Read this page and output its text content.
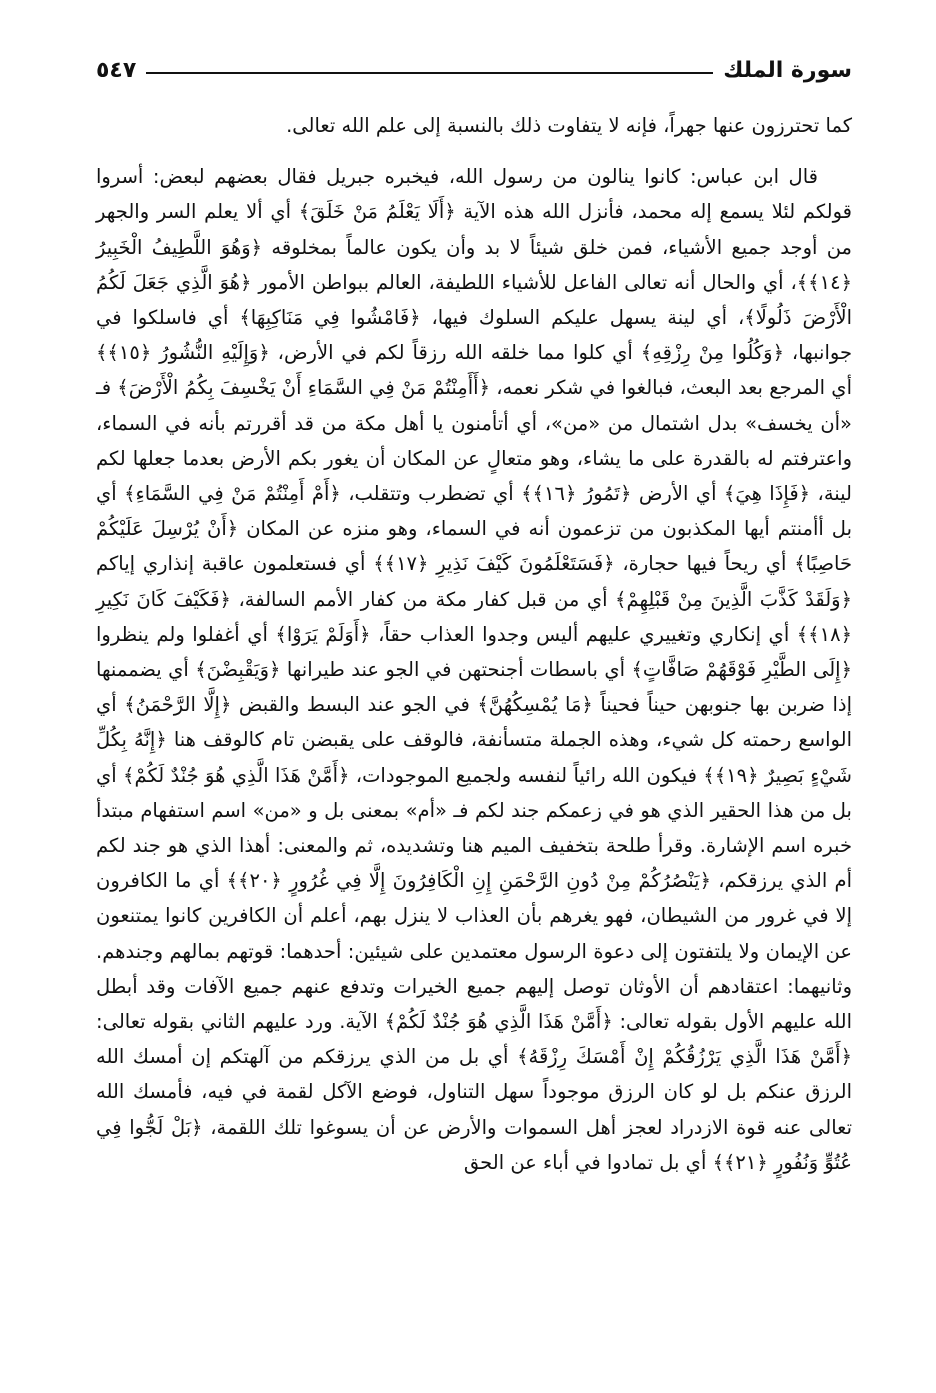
سورة الملك
٥٤٧

كما تحترزون عنها جهراً، فإنه لا يتفاوت ذلك بالنسبة إلى علم الله تعالى.

قال ابن عباس: كانوا ينالون من رسول الله، فيخبره جبريل فقال بعضهم لبعض: أسروا قولكم لئلا يسمع إله محمد، فأنزل الله هذه الآية ﴿أَلَا يَعْلَمُ مَنْ خَلَقَ﴾ أي ألا يعلم السر والجهر من أوجد جميع الأشياء، فمن خلق شيئاً لا بد وأن يكون عالماً بمخلوقه ﴿وَهُوَ اللَّطِيفُ الْخَبِيرُ ﴿١٤﴾﴾، أي والحال أنه تعالى الفاعل للأشياء اللطيفة، العالم ببواطن الأمور ﴿هُوَ الَّذِي جَعَلَ لَكُمُ الْأَرْضَ ذَلُولًا﴾، أي لينة يسهل عليكم السلوك فيها، ﴿فَامْشُوا فِي مَنَاكِبِهَا﴾ أي فاسلكوا في جوانبها، ﴿وَكُلُوا مِنْ رِزْقِهِ﴾ أي كلوا مما خلقه الله رزقاً لكم في الأرض، ﴿وَإِلَيْهِ النُّشُورُ ﴿١٥﴾﴾ أي المرجع بعد البعث، فبالغوا في شكر نعمه، ﴿أَأَمِنْتُمْ مَنْ فِي السَّمَاءِ أَنْ يَخْسِفَ بِكُمُ الْأَرْضَ﴾ فـ «أن يخسف» بدل اشتمال من «من»، أي أتأمنون يا أهل مكة من قد أقررتم بأنه في السماء، واعترفتم له بالقدرة على ما يشاء، وهو متعالٍ عن المكان أن يغور بكم الأرض بعدما جعلها لكم لينة، ﴿فَإِذَا هِيَ﴾ أي الأرض ﴿تَمُورُ ﴿١٦﴾﴾ أي تضطرب وتتقلب، ﴿أَمْ أَمِنْتُمْ مَنْ فِي السَّمَاءِ﴾ أي بل أأمنتم أيها المكذبون من تزعمون أنه في السماء، وهو منزه عن المكان ﴿أَنْ يُرْسِلَ عَلَيْكُمْ حَاصِبًا﴾ أي ريحاً فيها حجارة، ﴿فَسَتَعْلَمُونَ كَيْفَ نَذِيرِ ﴿١٧﴾﴾ أي فستعلمون عاقبة إنذاري إياكم ﴿وَلَقَدْ كَذَّبَ الَّذِينَ مِنْ قَبْلِهِمْ﴾ أي من قبل كفار مكة من كفار الأمم السالفة، ﴿فَكَيْفَ كَانَ نَكِيرِ ﴿١٨﴾﴾ أي إنكاري وتغييري عليهم أليس وجدوا العذاب حقاً، ﴿أَوَلَمْ يَرَوْا﴾ أي أغفلوا ولم ينظروا ﴿إِلَى الطَّيْرِ فَوْقَهُمْ صَافَّاتٍ﴾ أي باسطات أجنحتهن في الجو عند طيرانها ﴿وَيَقْبِضْنَ﴾ أي يضممنها إذا ضربن بها جنوبهن حيناً فحيناً ﴿مَا يُمْسِكُهُنَّ﴾ في الجو عند البسط والقبض ﴿إِلَّا الرَّحْمَنُ﴾ أي الواسع رحمته كل شيء، وهذه الجملة متسأنفة، فالوقف على يقبضن تام كالوقف هنا ﴿إِنَّهُ بِكُلِّ شَيْءٍ بَصِيرٌ ﴿١٩﴾﴾ فيكون الله رائياً لنفسه ولجميع الموجودات، ﴿أَمَّنْ هَذَا الَّذِي هُوَ جُنْدٌ لَكُمْ﴾ أي بل من هذا الحقير الذي هو في زعمكم جند لكم فـ «أم» بمعنى بل و «من» اسم استفهام مبتدأ خبره اسم الإشارة. وقرأ طلحة بتخفيف الميم هنا وتشديده، ثم والمعنى: أهذا الذي هو جند لكم أم الذي يرزقكم، ﴿يَنْصُرُكُمْ مِنْ دُونِ الرَّحْمَنِ إِنِ الْكَافِرُونَ إِلَّا فِي غُرُورٍ ﴿٢٠﴾﴾ أي ما الكافرون إلا في غرور من الشيطان، فهو يغرهم بأن العذاب لا ينزل بهم، أعلم أن الكافرين كانوا يمتنعون عن الإيمان ولا يلتفتون إلى دعوة الرسول معتمدين على شيئين: أحدهما: قوتهم بمالهم وجندهم. وثانيهما: اعتقادهم أن الأوثان توصل إليهم جميع الخيرات وتدفع عنهم جميع الآفات وقد أبطل الله عليهم الأول بقوله تعالى: ﴿أَمَّنْ هَذَا الَّذِي هُوَ جُنْدٌ لَكُمْ﴾ الآية. ورد عليهم الثاني بقوله تعالى: ﴿أَمَّنْ هَذَا الَّذِي يَرْزُقُكُمْ إِنْ أَمْسَكَ رِزْقَهُ﴾ أي بل من الذي يرزقكم من آلهتكم إن أمسك الله الرزق عنكم بل لو كان الرزق موجوداً سهل التناول، فوضع الآكل لقمة في فيه، فأمسك الله تعالى عنه قوة الازدراد لعجز أهل السموات والأرض عن أن يسوغوا تلك اللقمة، ﴿بَلْ لَجُّوا فِي عُتُوٍّ وَنُفُورٍ ﴿٢١﴾﴾ أي بل تمادوا في أباء عن الحق
